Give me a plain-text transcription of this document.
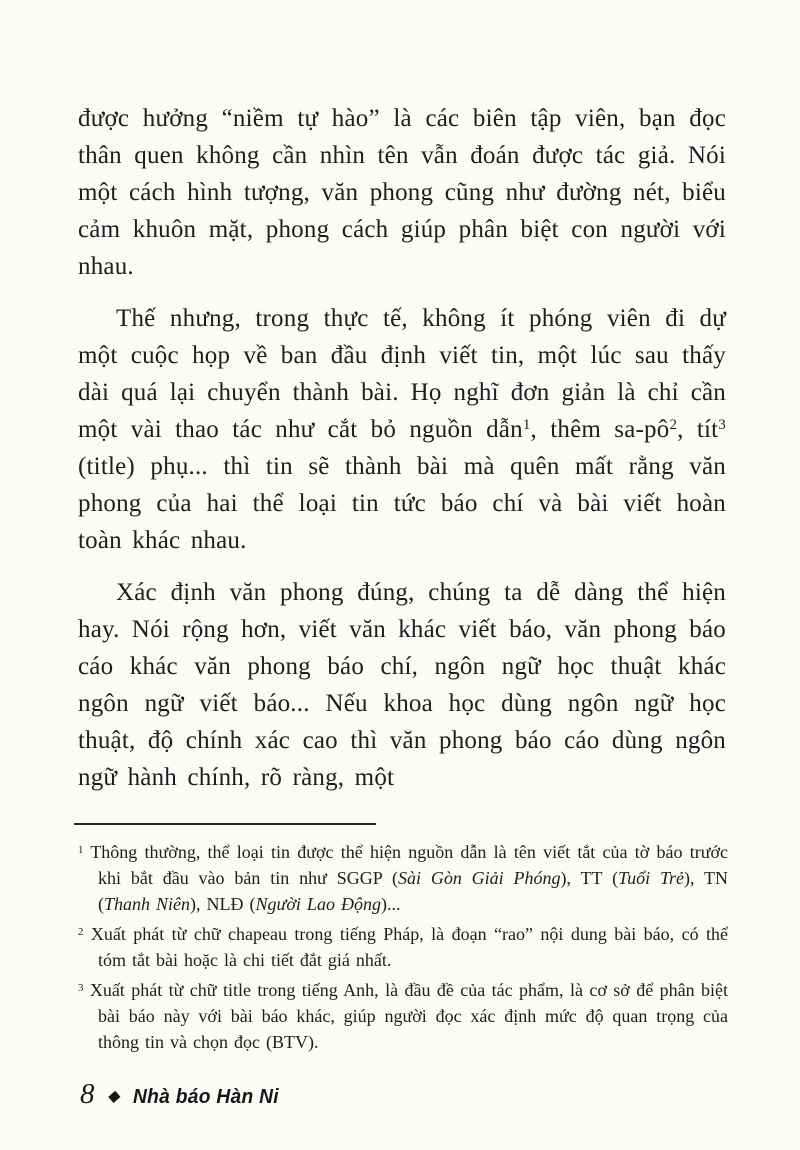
được hưởng “niềm tự hào” là các biên tập viên, bạn đọc thân quen không cần nhìn tên vẫn đoán được tác giả. Nói một cách hình tượng, văn phong cũng như đường nét, biểu cảm khuôn mặt, phong cách giúp phân biệt con người với nhau.

Thế nhưng, trong thực tế, không ít phóng viên đi dự một cuộc họp về ban đầu định viết tin, một lúc sau thấy dài quá lại chuyển thành bài. Họ nghĩ đơn giản là chỉ cần một vài thao tác như cắt bỏ nguồn dẫn$^1$, thêm sa-pô$^2$, tít$^3$ (title) phụ... thì tin sẽ thành bài mà quên mất rằng văn phong của hai thể loại tin tức báo chí và bài viết hoàn toàn khác nhau.

Xác định văn phong đúng, chúng ta dễ dàng thể hiện hay. Nói rộng hơn, viết văn khác viết báo, văn phong báo cáo khác văn phong báo chí, ngôn ngữ học thuật khác ngôn ngữ viết báo... Nếu khoa học dùng ngôn ngữ học thuật, độ chính xác cao thì văn phong báo cáo dùng ngôn ngữ hành chính, rõ ràng, một

$^1$ Thông thường, thể loại tin được thể hiện nguồn dẫn là tên viết tắt của tờ báo trước khi bắt đầu vào bản tin như SGGP (Sài Gòn Giải Phóng), TT (Tuổi Trẻ), TN (Thanh Niên), NLĐ (Người Lao Động)...

$^2$ Xuất phát từ chữ chapeau trong tiếng Pháp, là đoạn “rao” nội dung bài báo, có thể tóm tắt bài hoặc là chi tiết đắt giá nhất.

$^3$ Xuất phát từ chữ title trong tiếng Anh, là đầu đề của tác phẩm, là cơ sở để phân biệt bài báo này với bài báo khác, giúp người đọc xác định mức độ quan trọng của thông tin và chọn đọc (BTV).

8 ◆ Nhà báo Hàn Ni
